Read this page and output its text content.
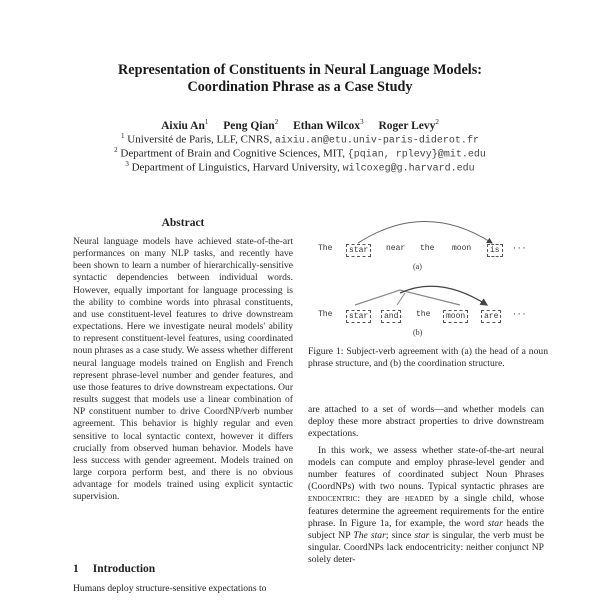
Representation of Constituents in Neural Language Models:
Coordination Phrase as a Case Study
Aixiu An$^1$ Peng Qian$^2$ Ethan Wilcox$^3$ Roger Levy$^2$
$^1$ Université de Paris, LLF, CNRS, aixiu.an@etu.univ-paris-diderot.fr
$^2$ Department of Brain and Cognitive Sciences, MIT, {pqian, rplevy}@mit.edu
$^3$ Department of Linguistics, Harvard University, wilcoxeg@g.harvard.edu
Abstract
Neural language models have achieved state-of-the-art performances on many NLP tasks, and recently have been shown to learn a number of hierarchically-sensitive syntactic dependencies between individual words. However, equally important for language processing is the ability to combine words into phrasal constituents, and use constituent-level features to drive downstream expectations. Here we investigate neural models' ability to represent constituent-level features, using coordinated noun phrases as a case study. We assess whether different neural language models trained on English and French represent phrase-level number and gender features, and use those features to drive downstream expectations. Our results suggest that models use a linear combination of NP constituent number to drive CoordNP/verb number agreement. This behavior is highly regular and even sensitive to local syntactic context, however it differs crucially from observed human behavior. Models have less success with gender agreement. Models trained on large corpora perform best, and there is no obvious advantage for models trained using explicit syntactic supervision.
1 Introduction
Humans deploy structure-sensitive expectations to
The	star	near the moon	is	···
(a)
The	star	and	the	moon	are	···
(b)
Figure 1: Subject-verb agreement with (a) the head of a noun phrase structure, and (b) the coordination structure.

are attached to a set of words—and whether models can deploy these more abstract properties to drive downstream expectations.

In this work, we assess whether state-of-the-art neural models can compute and employ phrase-level gender and number features of coordinated subject Noun Phrases (CoordNPs) with two nouns. Typical syntactic phrases are endocentric: they are headed by a single child, whose features determine the agreement requirements for the entire phrase. In Figure 1a, for example, the word star heads the subject NP The star; since star is singular, the verb must be singular. CoordNPs lack endocentricity: neither conjunct NP solely deter-
